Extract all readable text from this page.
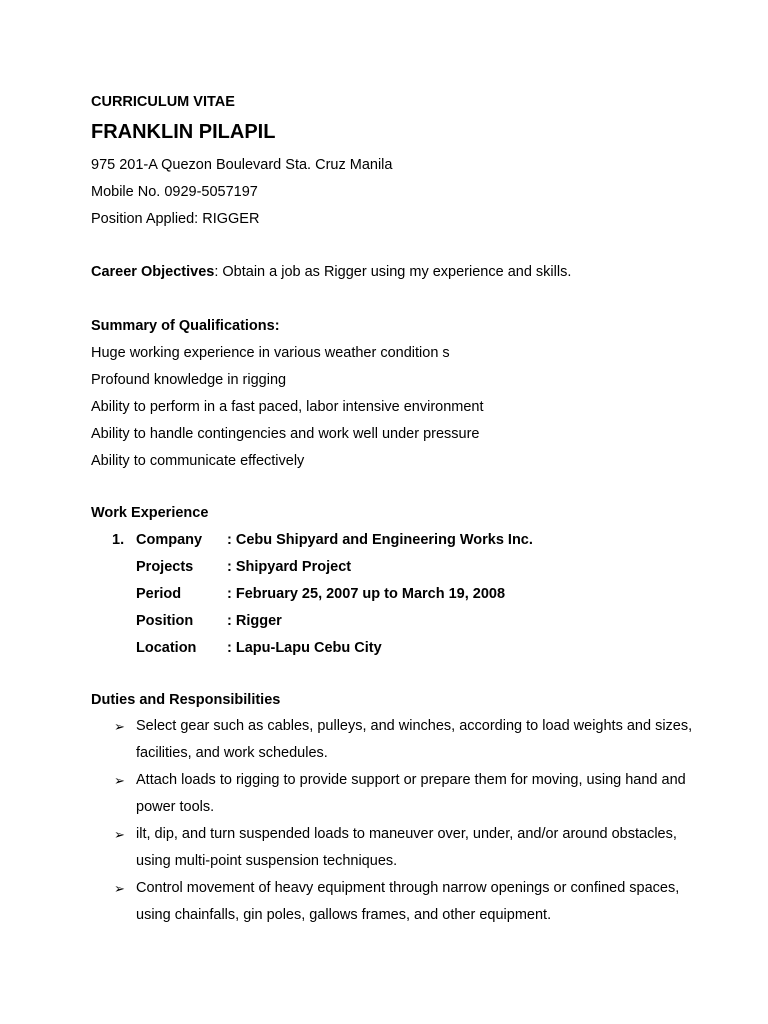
CURRICULUM VITAE
FRANKLIN PILAPIL
975 201-A Quezon Boulevard Sta. Cruz Manila
Mobile No. 0929-5057197
Position Applied: RIGGER
Career Objectives: Obtain a job as Rigger using my experience and skills.
Summary of Qualifications:
Huge working experience in various weather condition s
Profound knowledge in rigging
Ability to perform in a fast paced, labor intensive environment
Ability to handle contingencies and work well under pressure
Ability to communicate effectively
Work Experience
1. Company : Cebu Shipyard and Engineering Works Inc.
Projects : Shipyard Project
Period	: February 25, 2007 up to March 19, 2008
Position : Rigger
Location : Lapu-Lapu Cebu City
Duties and Responsibilities
➢ Select gear such as cables, pulleys, and winches, according to load weights and sizes, facilities, and work schedules.
➢ Attach loads to rigging to provide support or prepare them for moving, using hand and power tools.
➢ ilt, dip, and turn suspended loads to maneuver over, under, and/or around obstacles, using multi-point suspension techniques.
➢ Control movement of heavy equipment through narrow openings or confined spaces, using chainfalls, gin poles, gallows frames, and other equipment.
